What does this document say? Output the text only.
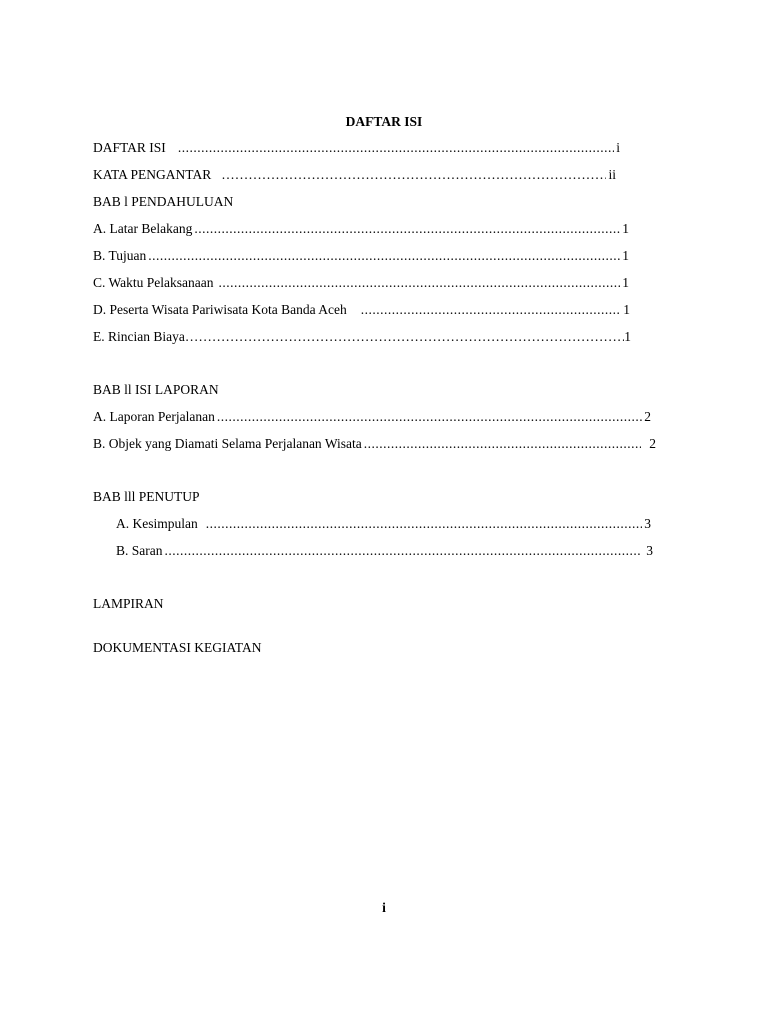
DAFTAR ISI
DAFTAR ISI .....	i
KATA PENGANTAR ………………………………………………………………………………………………………………………………………………………………………………………………………	ii
BAB l PENDAHULUAN
A. Latar Belakang .....	1
B. Tujuan .....	1
C. Waktu Pelaksanaan .....	1
D. Peserta Wisata Pariwisata Kota Banda Aceh .....	1
E. Rincian Biaya ………………………………………………………………………………………………………………………………………………………………………………………………………	1
BAB ll ISI LAPORAN
A. Laporan Perjalanan .....	2
B. Objek yang Diamati Selama Perjalanan Wisata .....	2
BAB lll PENUTUP
A. Kesimpulan .....	3
B. Saran .....	3
LAMPIRAN
DOKUMENTASI KEGIATAN
i
